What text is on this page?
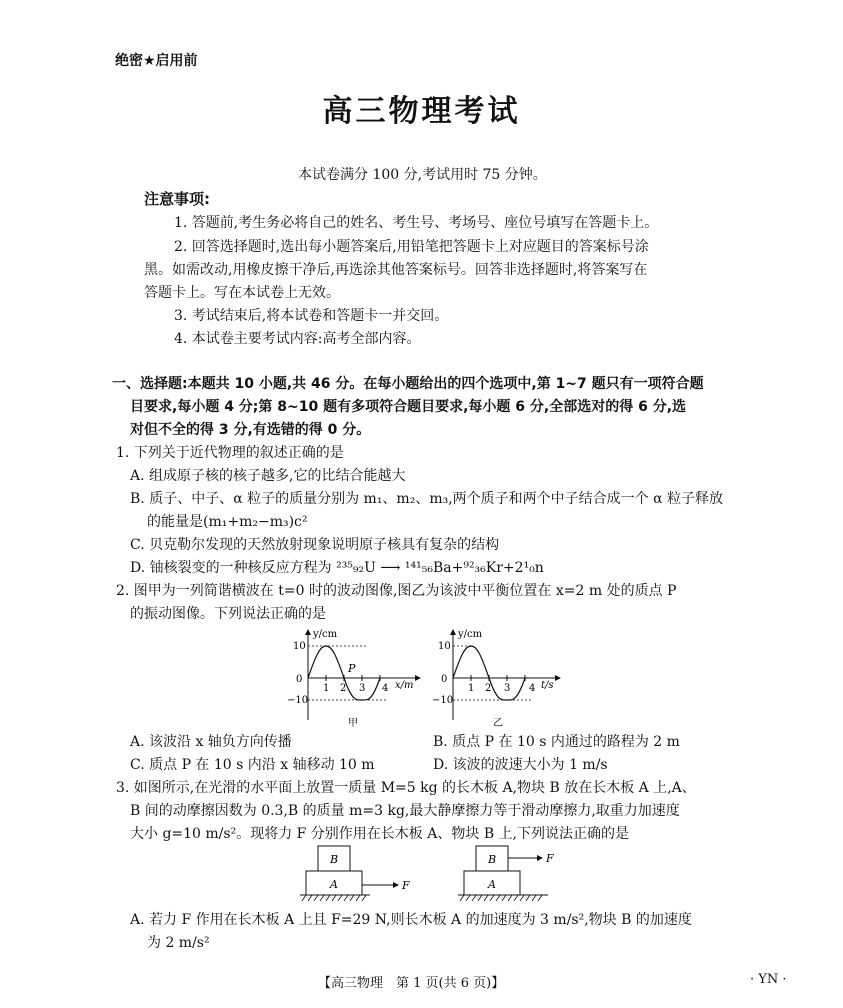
绝密★启用前
高三物理考试
本试卷满分 100 分,考试用时 75 分钟。
注意事项:
1. 答题前,考生务必将自己的姓名、考生号、考场号、座位号填写在答题卡上。
2. 回答选择题时,选出每小题答案后,用铅笔把答题卡上对应题目的答案标号涂
黑。如需改动,用橡皮擦干净后,再选涂其他答案标号。回答非选择题时,将答案写在
答题卡上。写在本试卷上无效。
3. 考试结束后,将本试卷和答题卡一并交回。
4. 本试卷主要考试内容:高考全部内容。
一、选择题:本题共 10 小题,共 46 分。在每小题给出的四个选项中,第 1~7 题只有一项符合题
目要求,每小题 4 分;第 8~10 题有多项符合题目要求,每小题 6 分,全部选对的得 6 分,选
对但不全的得 3 分,有选错的得 0 分。
1. 下列关于近代物理的叙述正确的是
A. 组成原子核的核子越多,它的比结合能越大
B. 质子、中子、α 粒子的质量分别为 m₁、m₂、m₃,两个质子和两个中子结合成一个 α 粒子释放
的能量是(m₁+m₂−m₃)c²
C. 贝克勒尔发现的天然放射现象说明原子核具有复杂的结构
D. 铀核裂变的一种核反应方程为 ²³⁵₉₂U ⟶ ¹⁴¹₅₆Ba+⁹²₃₆Kr+2¹₀n
2. 图甲为一列简谐横波在 t=0 时的波动图像,图乙为该波中平衡位置在 x=2 m 处的质点 P
的振动图像。下列说法正确的是
y/cm
10
0
−10
1 2 3 4 x/m
P
甲
y/cm
10
0
−10
1 2 3 4 t/s
乙
A. 该波沿 x 轴负方向传播	B. 质点 P 在 10 s 内通过的路程为 2 m
C. 质点 P 在 10 s 内沿 x 轴移动 10 m	D. 该波的波速大小为 1 m/s
3. 如图所示,在光滑的水平面上放置一质量 M=5 kg 的长木板 A,物块 B 放在长木板 A 上,A、
B 间的动摩擦因数为 0.3,B 的质量 m=3 kg,最大静摩擦力等于滑动摩擦力,取重力加速度
大小 g=10 m/s²。现将力 F 分别作用在长木板 A、物块 B 上,下列说法正确的是
B
A	F
B
A
F
A. 若力 F 作用在长木板 A 上且 F=29 N,则长木板 A 的加速度为 3 m/s²,物块 B 的加速度
为 2 m/s²
【高三物理　第 1 页(共 6 页)】	· YN ·
